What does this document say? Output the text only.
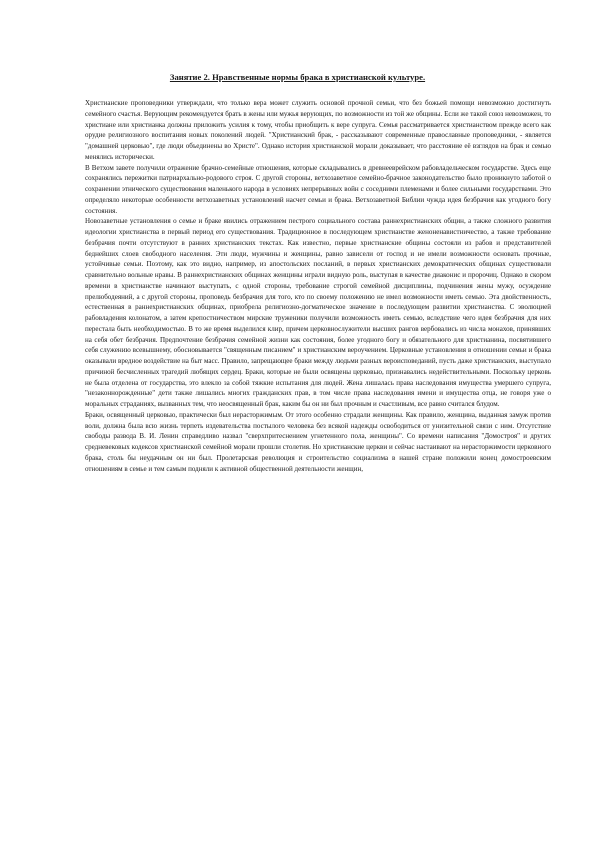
Занятие 2. Нравственные нормы брака в христианской культуре.

Христианские проповедники утверждали, что только вера может служить основой прочной семьи, что без божьей помощи невозможно достигнуть семейного счастья. Верующим рекомендуется брать в жены или мужья верующих, по возможности из той же общины. Если же такой союз невозможен, то христиане или христианка должны приложить усилия к тому, чтобы приобщить к вере супруга. Семья рассматривается христианством прежде всего как орудие религиозного воспитания новых поколений людей. "Христианский брак, - рассказывают современные православные проповедники, - является "домашней церковью", где люди объединены во Христе". Однако история христианской морали доказывает, что расстояние её взглядов на брак и семью менялись исторически.

В Ветхом завете получили отражение брачно-семейные отношения, которые складывались в древнееврейском рабовладельческом государстве. Здесь еще сохранялись пережитки патриархально-родового строя. С другой стороны, ветхозаветное семейно-брачное законодательство было проникнуто заботой о сохранении этнического существования маленького народа в условиях непрерывных войн с соседними племенами и более сильными государствами. Это определяло некоторые особенности ветхозаветных установлений насчет семьи и брака. Ветхозаветной Библии чужда идея безбрачия как угодного богу состояния.

Новозаветные установления о семье и браке явились отражением пестрого социального состава раннехристианских общин, а также сложного развития идеологии христианства в первый период его существования. Традиционное в последующем христианстве женоненавистничество, а также требование безбрачия почти отсутствуют в ранних христианских текстах. Как известно, первые христианские общины состояли из рабов и представителей беднейших слоев свободного населения. Эти люди, мужчины и женщины, равно зависели от господ и не имели возможности основать прочные, устойчивые семьи. Поэтому, как это видно, например, из апостольских посланий, в первых христианских демократических общинах существовали сравнительно вольные нравы. В раннехристианских общинах женщины играли видную роль, выступая в качестве диаконис и пророчиц. Однако в скором времени в христианстве начинают выступать, с одной стороны, требование строгой семейной дисциплины, подчинения жены мужу, осуждение прелюбодеяний, а с другой стороны, проповедь безбрачия для того, кто по своему положению не имел возможности иметь семью. Эта двойственность, естественная в раннехристианских общинах, приобрела религиозно-догматическое значение в последующем развитии христианства. С эволюцией рабовладения колонатом, а затем крепостничеством мирские труженики получили возможность иметь семью, вследствие чего идея безбрачия для них перестала быть необходимостью. В то же время выделился клир, причем церковнослужители высших рангов вербовались из числа монахов, принявших на себя обет безбрачия. Предпочтение безбрачия семейной жизни как состояния, более угодного богу и обязательного для христианина, посвятившего себя служению всевышнему, обосновывается "священным писанием" и христианским вероучением. Церковные установления в отношении семьи и брака оказывали вредное воздействие на быт масс. Правило, запрещающее браки между людьми разных вероисповеданий, пусть даже христианских, выступало причиной бесчисленных трагедий любящих сердец. Браки, которые не были освящены церковью, признавались недействительными. Поскольку церковь не была отделена от государства, это влекло за собой тяжкие испытания для людей. Жена лишалась права наследования имущества умершего супруга, "незаконнорожденные" дети также лишались многих гражданских прав, в том числе права наследования имени и имущества отца, не говоря уже о моральных страданиях, вызванных тем, что неосвященный брак, каким бы он ни был прочным и счастливым, все равно считался блудом.

Браки, освященный церковью, практически был нерасторжимым. От этого особенно страдали женщины. Как правило, женщина, выданная замуж против воли, должна была всю жизнь терпеть издевательства постылого человека без всякой надежды освободиться от унизительной связи с ним. Отсутствие свободы развода В. И. Ленин справедливо назвал "сверхпритеснением угнетенного пола, женщины". Со времени написания "Домостроя" и других средневековых кодексов христианской семейной морали прошли столетия. Но христианские церкви и сейчас настаивают на нерасторжимости церковного брака, столь бы неудачным он ни был. Пролетарская революция и строительство социализма в нашей стране положили конец домостроевским отношениям в семье и тем самым подняли к активной общественной деятельности женщин,
